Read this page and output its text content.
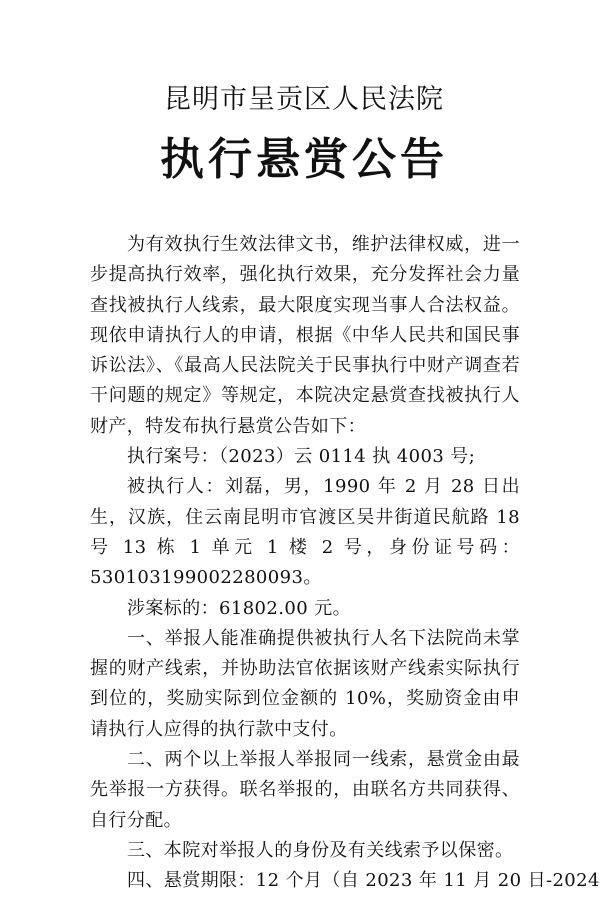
昆明市呈贡区人民法院
执行悬赏公告

为有效执行生效法律文书，维护法律权威，进一步提高执行效率，强化执行效果，充分发挥社会力量查找被执行人线索，最大限度实现当事人合法权益。现依申请执行人的申请，根据《中华人民共和国民事诉讼法》、《最高人民法院关于民事执行中财产调查若干问题的规定》等规定，本院决定悬赏查找被执行人财产，特发布执行悬赏公告如下：

执行案号：（2023）云 0114 执 4003 号;

被执行人：刘磊，男，1990 年 2 月 28 日出生，汉族，住云南昆明市官渡区吴井街道民航路 18 号 13 栋 1 单元 1 楼 2 号，身份证号码：530103199002280093。

涉案标的：61802.00 元。

一、举报人能准确提供被执行人名下法院尚未掌握的财产线索，并协助法官依据该财产线索实际执行到位的，奖励实际到位金额的 10%，奖励资金由申请执行人应得的执行款中支付。

二、两个以上举报人举报同一线索，悬赏金由最先举报一方获得。联名举报的，由联名方共同获得、自行分配。

三、本院对举报人的身份及有关线索予以保密。

四、悬赏期限：12 个月（自 2023 年 11 月 20 日-2024
